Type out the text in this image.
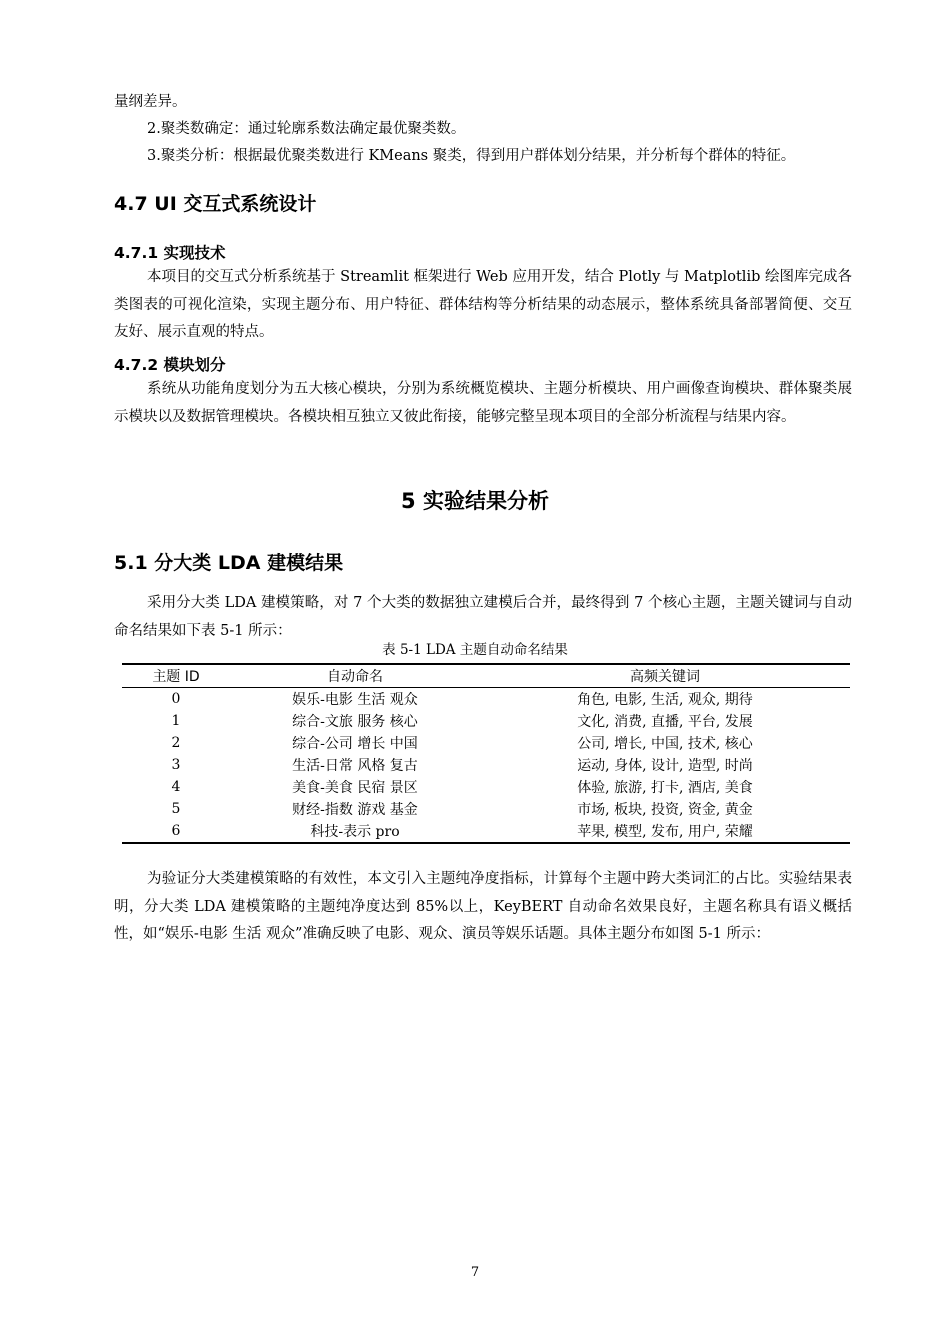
量纲差异。

2.聚类数确定：通过轮廓系数法确定最优聚类数。

3.聚类分析：根据最优聚类数进行 KMeans 聚类，得到用户群体划分结果，并分析每个群体的特征。

4.7 UI 交互式系统设计
4.7.1 实现技术

本项目的交互式分析系统基于 Streamlit 框架进行 Web 应用开发，结合 Plotly 与 Matplotlib 绘图库完成各类图表的可视化渲染，实现主题分布、用户特征、群体结构等分析结果的动态展示，整体系统具备部署简便、交互友好、展示直观的特点。

4.7.2 模块划分

系统从功能角度划分为五大核心模块，分别为系统概览模块、主题分析模块、用户画像查询模块、群体聚类展示模块以及数据管理模块。各模块相互独立又彼此衔接，能够完整呈现本项目的全部分析流程与结果内容。

5 实验结果分析
5.1 分大类 LDA 建模结果

采用分大类 LDA 建模策略，对 7 个大类的数据独立建模后合并，最终得到 7 个核心主题，主题关键词与自动命名结果如下表 5-1 所示：

表 5-1 LDA 主题自动命名结果

主题 ID	自动命名	高频关键词
0	娱乐-电影 生活 观众	角色, 电影, 生活, 观众, 期待
1	综合-文旅 服务 核心	文化, 消费, 直播, 平台, 发展
2	综合-公司 增长 中国	公司, 增长, 中国, 技术, 核心
3	生活-日常 风格 复古	运动, 身体, 设计, 造型, 时尚
4	美食-美食 民宿 景区	体验, 旅游, 打卡, 酒店, 美食
5	财经-指数 游戏 基金	市场, 板块, 投资, 资金, 黄金
6	科技-表示 pro	苹果, 模型, 发布, 用户, 荣耀

为验证分大类建模策略的有效性，本文引入主题纯净度指标，计算每个主题中跨大类词汇的占比。实验结果表明，分大类 LDA 建模策略的主题纯净度达到 85%以上，KeyBERT 自动命名效果良好，主题名称具有语义概括性，如“娱乐-电影 生活 观众”准确反映了电影、观众、演员等娱乐话题。具体主题分布如图 5-1 所示：

7
